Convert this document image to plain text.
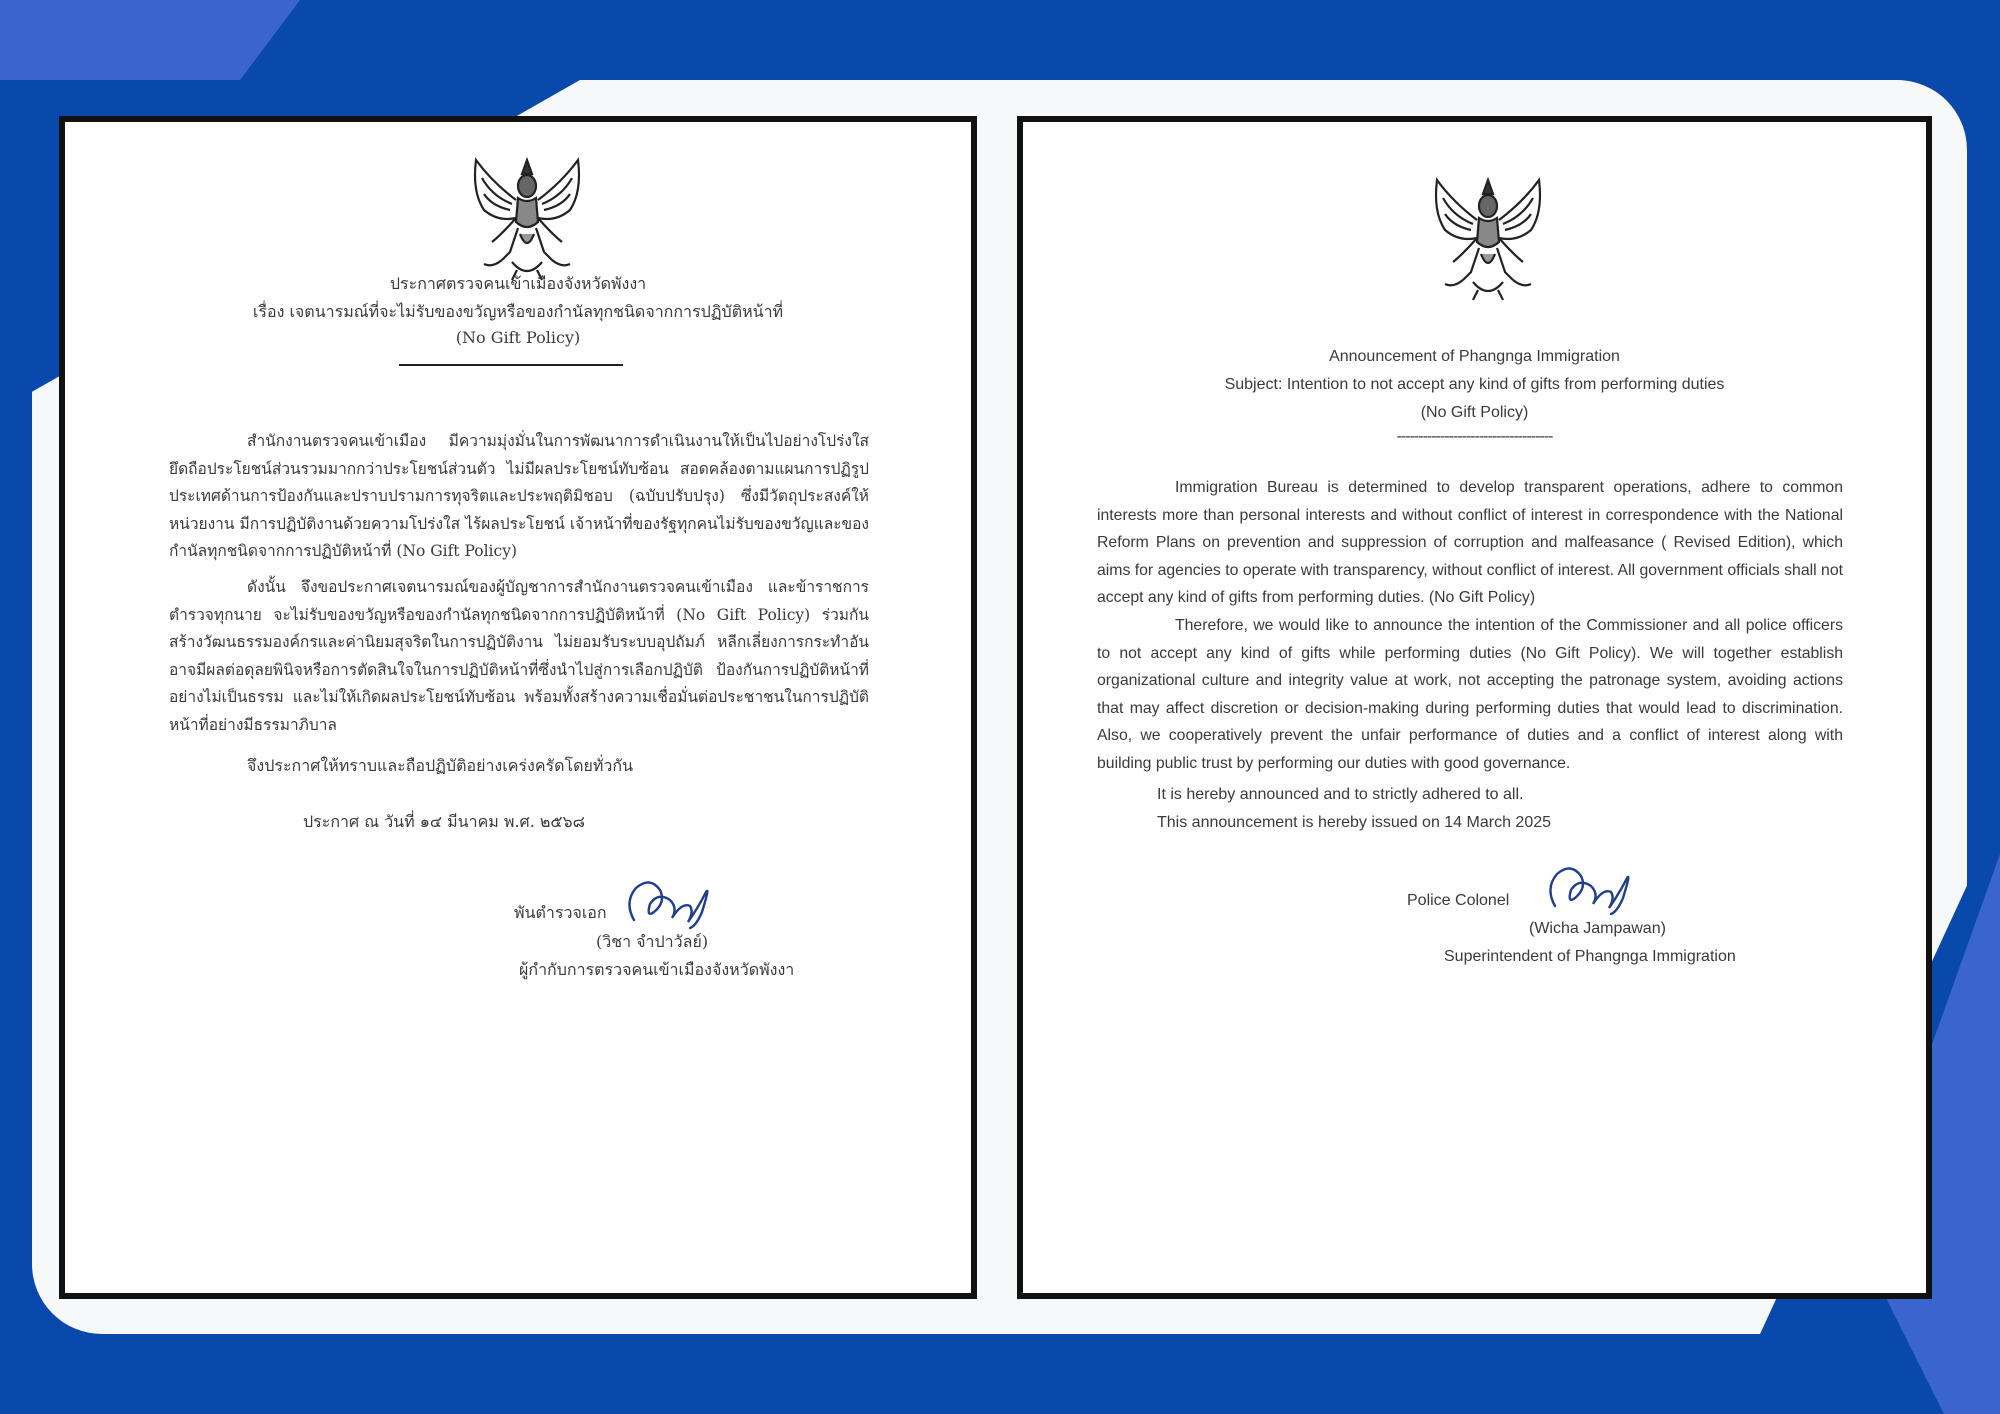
ประกาศตรวจคนเข้าเมืองจังหวัดพังงา
เรื่อง เจตนารมณ์ที่จะไม่รับของขวัญหรือของกำนัลทุกชนิดจากการปฏิบัติหน้าที่
(No Gift Policy)
สำนักงานตรวจคนเข้าเมือง มีความมุ่งมั่นในการพัฒนาการดำเนินงานให้เป็นไปอย่างโปร่งใส ยึดถือประโยชน์ส่วนรวมมากกว่าประโยชน์ส่วนตัว ไม่มีผลประโยชน์ทับซ้อน สอดคล้องตามแผนการปฏิรูปประเทศด้านการป้องกันและปราบปรามการทุจริตและประพฤติมิชอบ (ฉบับปรับปรุง) ซึ่งมีวัตถุประสงค์ให้หน่วยงาน มีการปฏิบัติงานด้วยความโปร่งใส ไร้ผลประโยชน์ เจ้าหน้าที่ของรัฐทุกคนไม่รับของขวัญและของกำนัลทุกชนิดจากการปฏิบัติหน้าที่ (No Gift Policy)
ดังนั้น จึงขอประกาศเจตนารมณ์ของผู้บัญชาการสำนักงานตรวจคนเข้าเมือง และข้าราชการตำรวจทุกนาย จะไม่รับของขวัญหรือของกำนัลทุกชนิดจากการปฏิบัติหน้าที่ (No Gift Policy) ร่วมกันสร้างวัฒนธรรมองค์กรและค่านิยมสุจริตในการปฏิบัติงาน ไม่ยอมรับระบบอุปถัมภ์ หลีกเลี่ยงการกระทำอันอาจมีผลต่อดุลยพินิจหรือการตัดสินใจในการปฏิบัติหน้าที่ซึ่งนำไปสู่การเลือกปฏิบัติ ป้องกันการปฏิบัติหน้าที่อย่างไม่เป็นธรรม และไม่ให้เกิดผลประโยชน์ทับซ้อน พร้อมทั้งสร้างความเชื่อมั่นต่อประชาชนในการปฏิบัติหน้าที่อย่างมีธรรมาภิบาล
จึงประกาศให้ทราบและถือปฏิบัติอย่างเคร่งครัดโดยทั่วกัน
ประกาศ ณ วันที่ ๑๔ มีนาคม พ.ศ. ๒๕๖๘
พันตำรวจเอก
(วิชา จำปาวัลย์)
ผู้กำกับการตรวจคนเข้าเมืองจังหวัดพังงา
Announcement of Phangnga Immigration
Subject: Intention to not accept any kind of gifts from performing duties
(No Gift Policy)
------------------------------------
Immigration Bureau is determined to develop transparent operations, adhere to common interests more than personal interests and without conflict of interest in correspondence with the National Reform Plans on prevention and suppression of corruption and malfeasance ( Revised Edition), which aims for agencies to operate with transparency, without conflict of interest. All government officials shall not accept any kind of gifts from performing duties. (No Gift Policy)
Therefore, we would like to announce the intention of the Commissioner and all police officers to not accept any kind of gifts while performing duties (No Gift Policy). We will together establish organizational culture and integrity value at work, not accepting the patronage system, avoiding actions that may affect discretion or decision-making during performing duties that would lead to discrimination. Also, we cooperatively prevent the unfair performance of duties and a conflict of interest along with building public trust by performing our duties with good governance.
It is hereby announced and to strictly adhered to all.
This announcement is hereby issued on 14 March 2025
Police Colonel
(Wicha Jampawan)
Superintendent of Phangnga Immigration
